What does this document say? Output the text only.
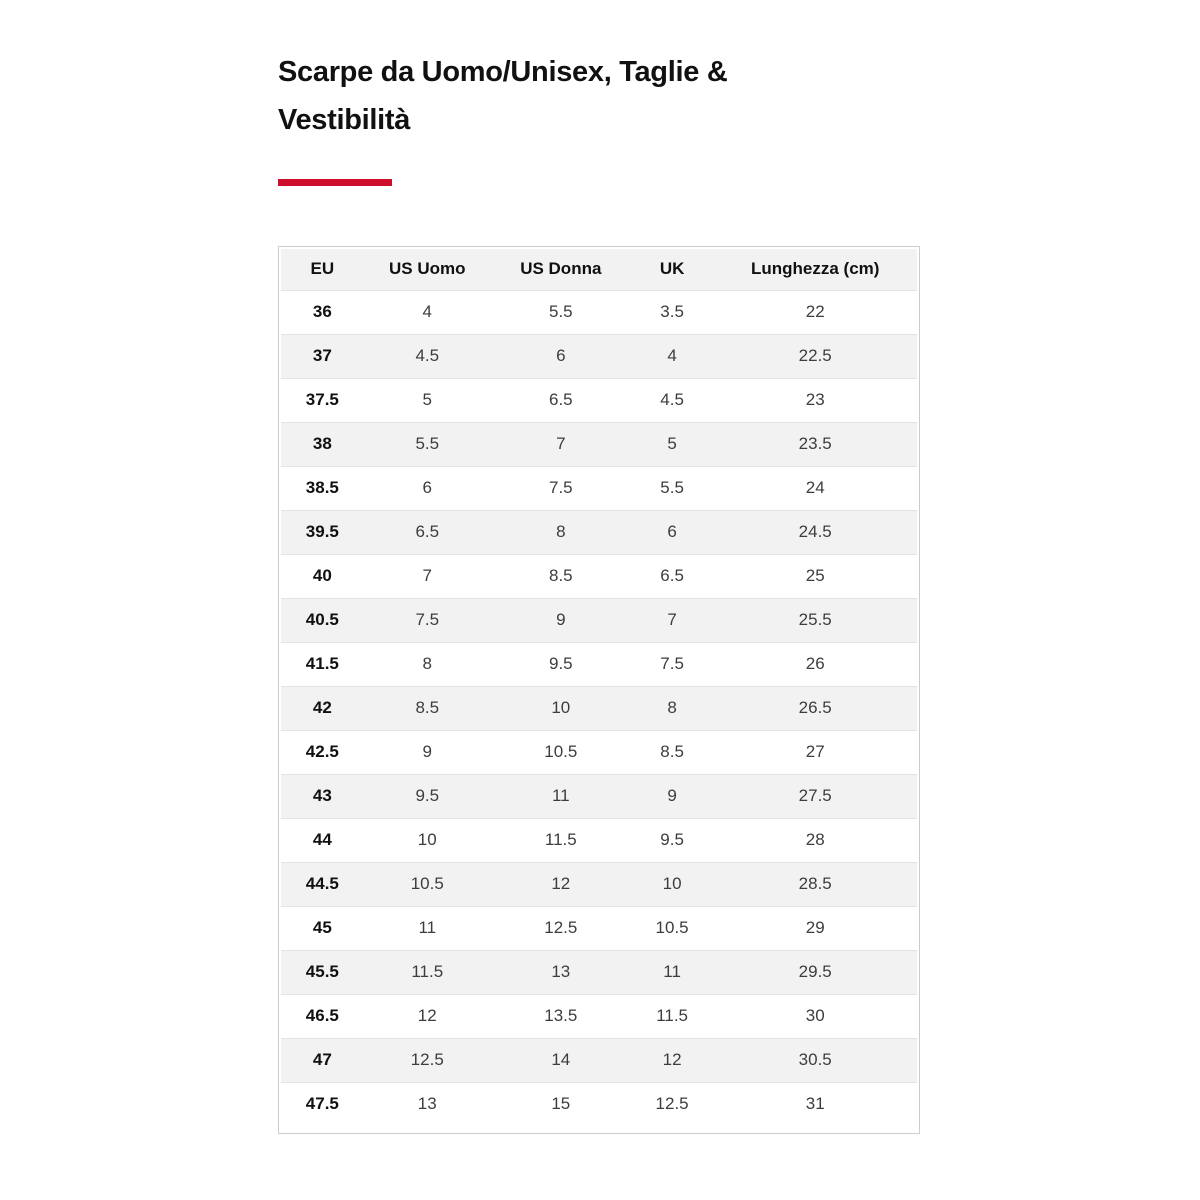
Scarpe da Uomo/Unisex, Taglie & Vestibilità
EU	US Uomo	US Donna	UK	Lunghezza (cm)
36	4	5.5	3.5	22
37	4.5	6	4	22.5
37.5	5	6.5	4.5	23
38	5.5	7	5	23.5
38.5	6	7.5	5.5	24
39.5	6.5	8	6	24.5
40	7	8.5	6.5	25
40.5	7.5	9	7	25.5
41.5	8	9.5	7.5	26
42	8.5	10	8	26.5
42.5	9	10.5	8.5	27
43	9.5	11	9	27.5
44	10	11.5	9.5	28
44.5	10.5	12	10	28.5
45	11	12.5	10.5	29
45.5	11.5	13	11	29.5
46.5	12	13.5	11.5	30
47	12.5	14	12	30.5
47.5	13	15	12.5	31
